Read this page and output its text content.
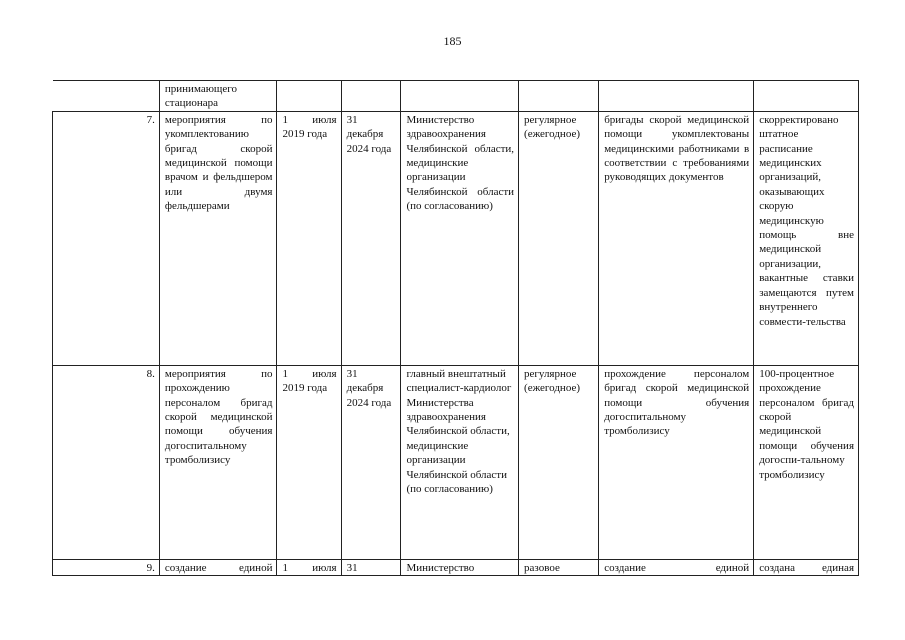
185
	принимающего стационара						
7.	мероприятия по укомплектованию бригад скорой медицинской помощи врачом и фельдшером или двумя фельдшерами	1 июля 2019 года	31 декабря 2024 года	Министерство здравоохранения Челябинской области, медицинские организации Челябинской области (по согласованию)	регулярное (ежегодное)	бригады скорой медицинской помощи укомплектованы медицинскими работниками в соответствии с требованиями руководящих документов	скорректировано штатное расписание медицинских организаций, оказывающих скорую медицинскую помощь вне медицинской организации, вакантные ставки замещаются путем внутреннего совмести-тельства
8.	мероприятия по прохождению персоналом бригад скорой медицинской помощи обучения догоспитальному тромболизису	1 июля 2019 года	31 декабря 2024 года	главный внештатный специалист-кардиолог Министерства здравоохранения Челябинской области, медицинские организации Челябинской области (по согласованию)	регулярное (ежегодное)	прохождение персоналом бригад скорой медицинской помощи обучения догоспитальному тромболизису	100-процентное прохождение персоналом бригад скорой медицинской помощи обучения догоспи-тальному тромболизису
9.	создание единой	1 июля	31	Министерство	разовое	создание единой	создана единая
